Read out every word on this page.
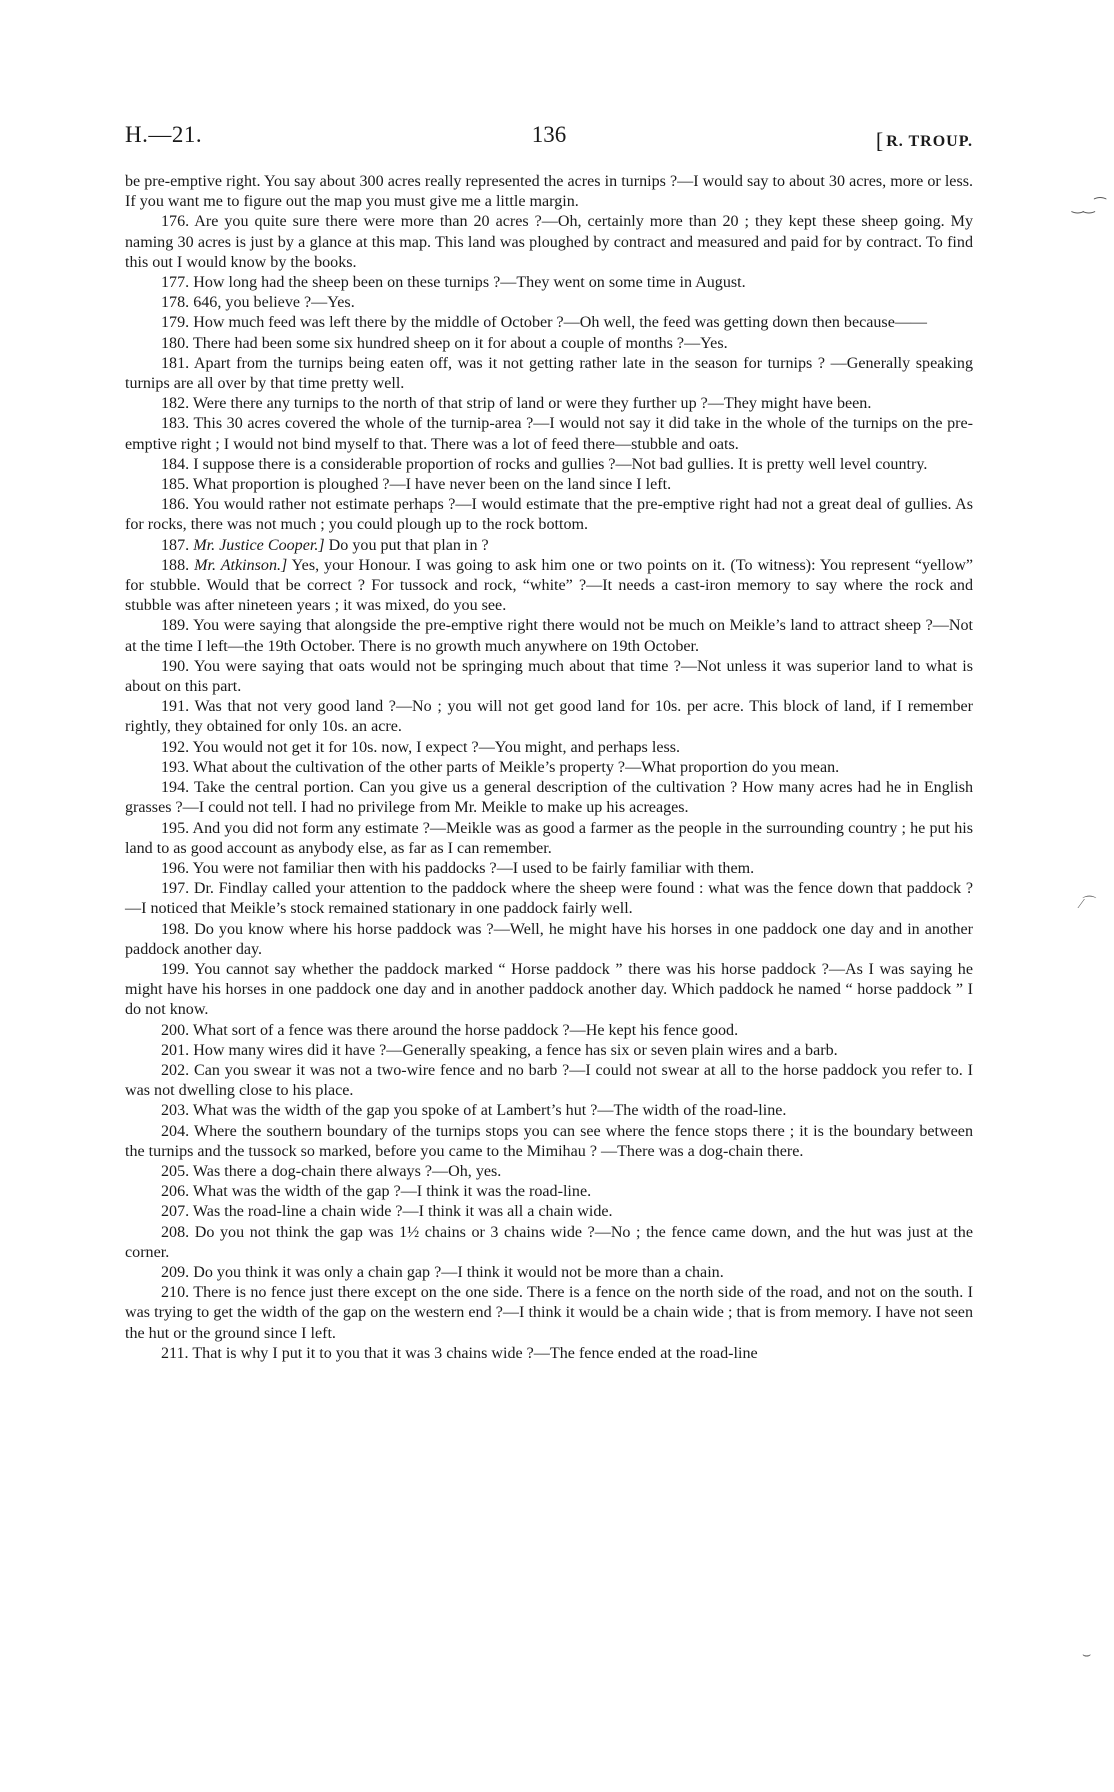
H.—21.	136
[	R. TROUP.

be pre-emptive right. You say about 300 acres really represented the acres in turnips ?—I would say to about 30 acres, more or less. If you want me to figure out the map you must give me a little margin.

176. Are you quite sure there were more than 20 acres ?—Oh, certainly more than 20 ; they kept these sheep going. My naming 30 acres is just by a glance at this map. This land was ploughed by contract and measured and paid for by contract. To find this out I would know by the books.

177. How long had the sheep been on these turnips ?—They went on some time in August.

178. 646, you believe ?—Yes.

179. How much feed was left there by the middle of October ?—Oh well, the feed was getting down then because——

180. There had been some six hundred sheep on it for about a couple of months ?—Yes.

181. Apart from the turnips being eaten off, was it not getting rather late in the season for turnips ? —Generally speaking turnips are all over by that time pretty well.

182. Were there any turnips to the north of that strip of land or were they further up ?—They might have been.

183. This 30 acres covered the whole of the turnip-area ?—I would not say it did take in the whole of the turnips on the pre-emptive right ; I would not bind myself to that. There was a lot of feed there—stubble and oats.

184. I suppose there is a considerable proportion of rocks and gullies ?—Not bad gullies. It is pretty well level country.

185. What proportion is ploughed ?—I have never been on the land since I left.

186. You would rather not estimate perhaps ?—I would estimate that the pre-emptive right had not a great deal of gullies. As for rocks, there was not much ; you could plough up to the rock bottom.

187. Mr. Justice Cooper.] Do you put that plan in ?

188. Mr. Atkinson.] Yes, your Honour. I was going to ask him one or two points on it. (To witness): You represent “yellow” for stubble. Would that be correct ? For tussock and rock, “white” ?—It needs a cast-iron memory to say where the rock and stubble was after nineteen years ; it was mixed, do you see.

189. You were saying that alongside the pre-emptive right there would not be much on Meikle’s land to attract sheep ?—Not at the time I left—the 19th October. There is no growth much anywhere on 19th October.

190. You were saying that oats would not be springing much about that time ?—Not unless it was superior land to what is about on this part.

191. Was that not very good land ?—No ; you will not get good land for 10s. per acre. This block of land, if I remember rightly, they obtained for only 10s. an acre.

192. You would not get it for 10s. now, I expect ?—You might, and perhaps less.

193. What about the cultivation of the other parts of Meikle’s property ?—What proportion do you mean.

194. Take the central portion. Can you give us a general description of the cultivation ? How many acres had he in English grasses ?—I could not tell. I had no privilege from Mr. Meikle to make up his acreages.

195. And you did not form any estimate ?—Meikle was as good a farmer as the people in the surrounding country ; he put his land to as good account as anybody else, as far as I can remember.

196. You were not familiar then with his paddocks ?—I used to be fairly familiar with them.

197. Dr. Findlay called your attention to the paddock where the sheep were found : what was the fence down that paddock ?—I noticed that Meikle’s stock remained stationary in one paddock fairly well.

198. Do you know where his horse paddock was ?—Well, he might have his horses in one paddock one day and in another paddock another day.

199. You cannot say whether the paddock marked “ Horse paddock ” there was his horse paddock ?—As I was saying he might have his horses in one paddock one day and in another paddock another day. Which paddock he named “ horse paddock ” I do not know.

200. What sort of a fence was there around the horse paddock ?—He kept his fence good.

201. How many wires did it have ?—Generally speaking, a fence has six or seven plain wires and a barb.

202. Can you swear it was not a two-wire fence and no barb ?—I could not swear at all to the horse paddock you refer to. I was not dwelling close to his place.

203. What was the width of the gap you spoke of at Lambert’s hut ?—The width of the road-line.

204. Where the southern boundary of the turnips stops you can see where the fence stops there ; it is the boundary between the turnips and the tussock so marked, before you came to the Mimihau ? —There was a dog-chain there.

205. Was there a dog-chain there always ?—Oh, yes.

206. What was the width of the gap ?—I think it was the road-line.

207. Was the road-line a chain wide ?—I think it was all a chain wide.

208. Do you not think the gap was 1½ chains or 3 chains wide ?—No ; the fence came down, and the hut was just at the corner.

209. Do you think it was only a chain gap ?—I think it would not be more than a chain.

210. There is no fence just there except on the one side. There is a fence on the north side of the road, and not on the south. I was trying to get the width of the gap on the western end ?—I think it would be a chain wide ; that is from memory. I have not seen the hut or the ground since I left.

211. That is why I put it to you that it was 3 chains wide ?—The fence ended at the road-line

‿‿⁀
⁄⌒
⌣
